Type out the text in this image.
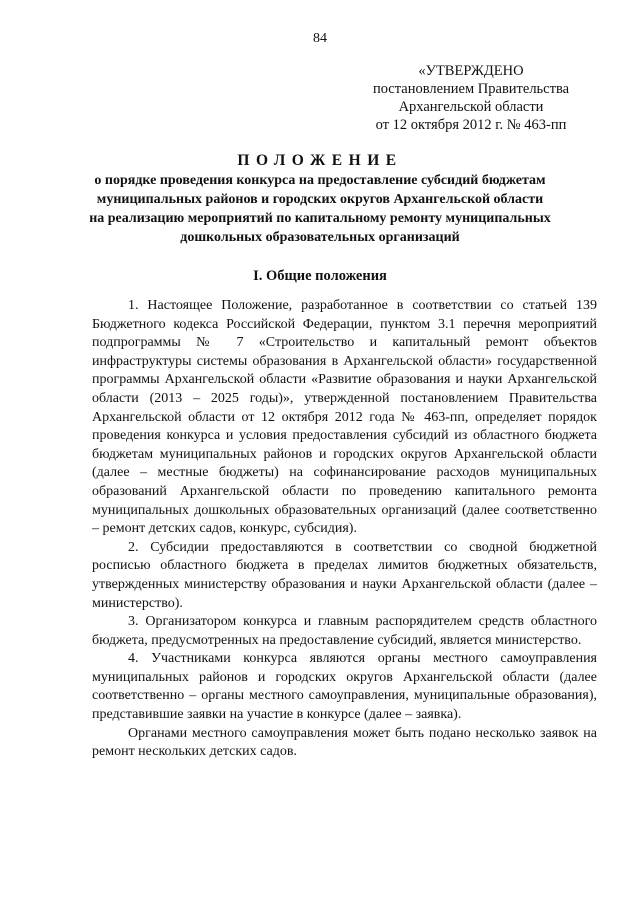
84
«УТВЕРЖДЕНО
постановлением Правительства
Архангельской области
от 12 октября 2012 г. № 463-пп
ПОЛОЖЕНИЕ
о порядке проведения конкурса на предоставление субсидий бюджетам
муниципальных районов и городских округов Архангельской области
на реализацию мероприятий по капитальному ремонту муниципальных
дошкольных образовательных организаций
I. Общие положения

1. Настоящее Положение, разработанное в соответствии со статьей 139 Бюджетного кодекса Российской Федерации, пунктом 3.1 перечня мероприятий подпрограммы № 7 «Строительство и капитальный ремонт объектов инфраструктуры системы образования в Архангельской области» государственной программы Архангельской области «Развитие образования и науки Архангельской области (2013 – 2025 годы)», утвержденной постановлением Правительства Архангельской области от 12 октября 2012 года № 463-пп, определяет порядок проведения конкурса и условия предоставления субсидий из областного бюджета бюджетам муниципальных районов и городских округов Архангельской области (далее – местные бюджеты) на софинансирование расходов муниципальных образований Архангельской области по проведению капитального ремонта муниципальных дошкольных образовательных организаций (далее соответственно – ремонт детских садов, конкурс, субсидия).

2. Субсидии предоставляются в соответствии со сводной бюджетной росписью областного бюджета в пределах лимитов бюджетных обязательств, утвержденных министерству образования и науки Архангельской области (далее – министерство).

3. Организатором конкурса и главным распорядителем средств областного бюджета, предусмотренных на предоставление субсидий, является министерство.

4. Участниками конкурса являются органы местного самоуправления муниципальных районов и городских округов Архангельской области (далее соответственно – органы местного самоуправления, муниципальные образования), представившие заявки на участие в конкурсе (далее – заявка).

Органами местного самоуправления может быть подано несколько заявок на ремонт нескольких детских садов.
